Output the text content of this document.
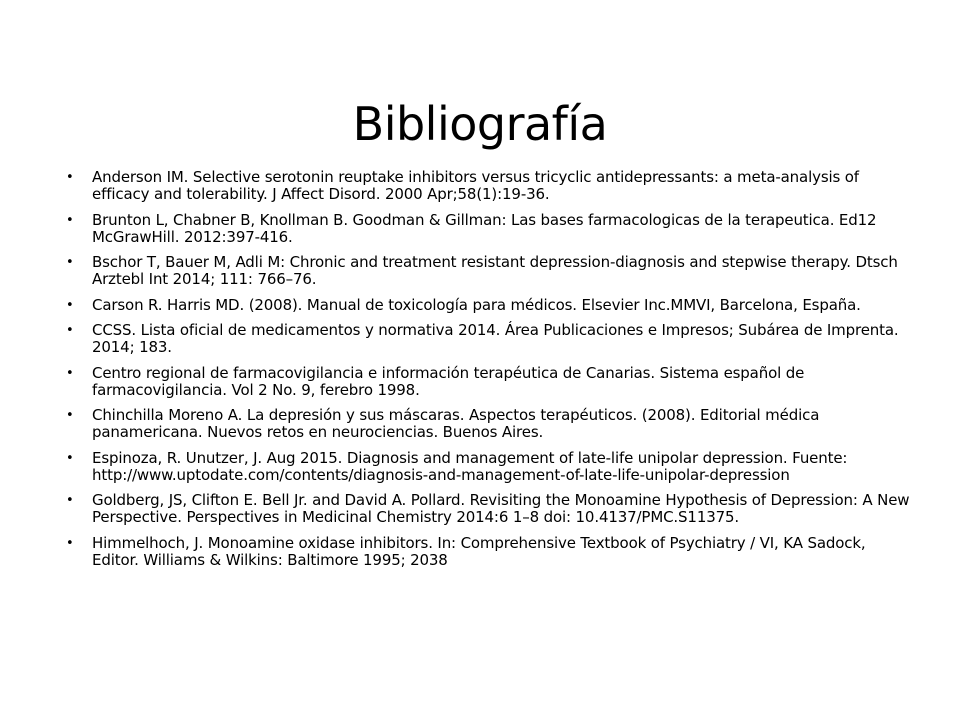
Bibliografía
• Anderson IM. Selective serotonin reuptake inhibitors versus tricyclic antidepressants: a meta-analysis of efficacy and tolerability. J Affect Disord. 2000 Apr;58(1):19-36.
• Brunton L, Chabner B, Knollman B. Goodman & Gillman: Las bases farmacologicas de la terapeutica. Ed12 McGrawHill. 2012:397-416.
• Bschor T, Bauer M, Adli M: Chronic and treatment resistant depression-diagnosis and stepwise therapy. Dtsch Arztebl Int 2014; 111: 766–76.
• Carson R. Harris MD. (2008). Manual de toxicología para médicos. Elsevier Inc.MMVI, Barcelona, España.
• CCSS. Lista oficial de medicamentos y normativa 2014. Área Publicaciones e Impresos; Subárea de Imprenta. 2014; 183.
• Centro regional de farmacovigilancia e información terapéutica de Canarias. Sistema español de farmacovigilancia. Vol 2 No. 9, ferebro 1998.
• Chinchilla Moreno A. La depresión y sus máscaras. Aspectos terapéuticos. (2008). Editorial médica panamericana. Nuevos retos en neurociencias. Buenos Aires.
• Espinoza, R. Unutzer, J. Aug 2015. Diagnosis and management of late-life unipolar depression. Fuente: http://www.uptodate.com/contents/diagnosis-and-management-of-late-life-unipolar-depression
• Goldberg, JS, Clifton E. Bell Jr. and David A. Pollard. Revisiting the Monoamine Hypothesis of Depression: A New Perspective. Perspectives in Medicinal Chemistry 2014:6 1–8 doi: 10.4137/PMC.S11375.
• Himmelhoch, J. Monoamine oxidase inhibitors. In: Comprehensive Textbook of Psychiatry / VI, KA Sadock, Editor. Williams & Wilkins: Baltimore 1995; 2038
